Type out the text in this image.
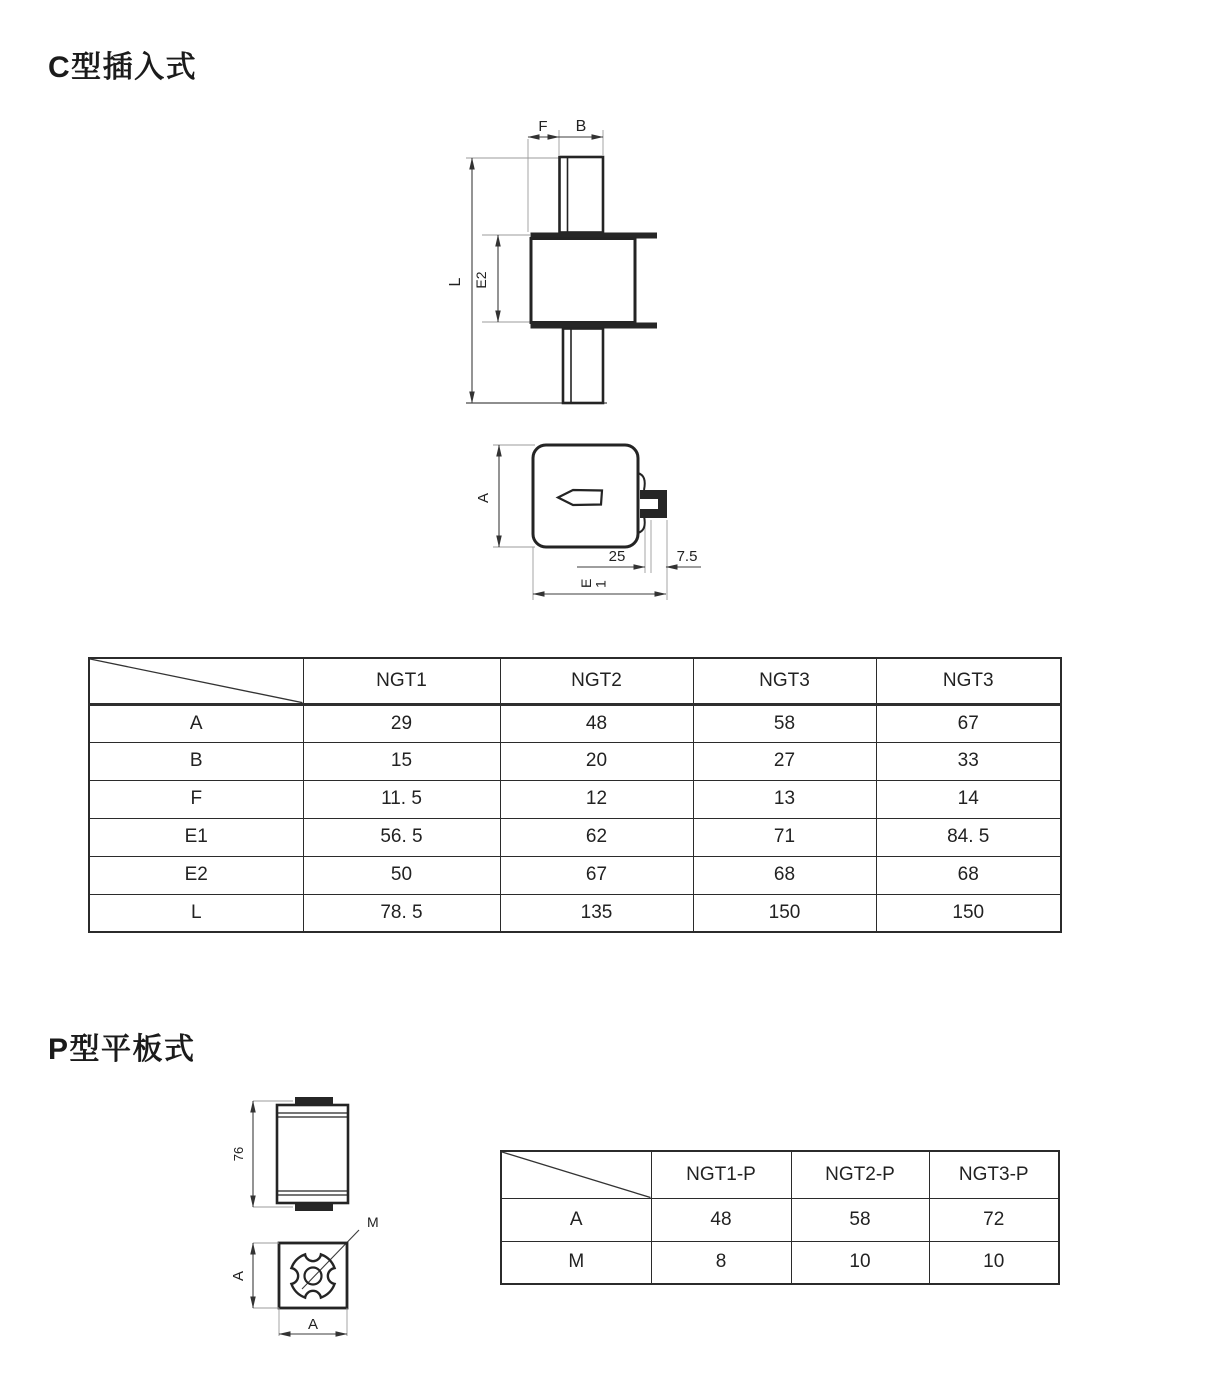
C型插入式
F B
L E2
A
25	7.5
E1
	NGT1	NGT2	NGT3	NGT3
A	29	48	58	67
B	15	20	27	33
F	11. 5	12	13	14
E1	56. 5	62	71	84. 5
E2	50	67	68	68
L	78. 5	135	150	150
P型平板式
76
M
A
A
	NGT1-P	NGT2-P	NGT3-P
A	48	58	72
M	8	10	10
